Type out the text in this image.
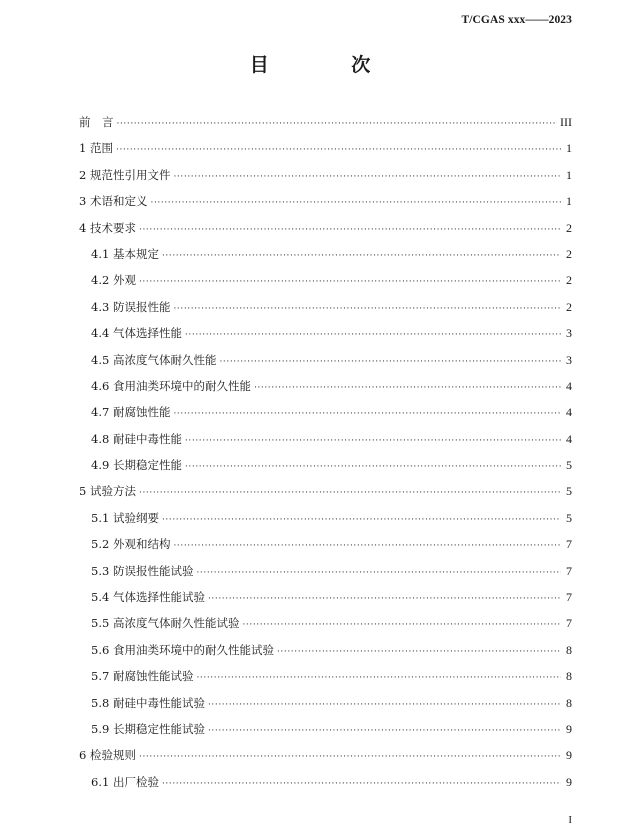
T/CGAS xxx——2023
目 次
前　言 ·····	III
1 范围 ·····	1
2 规范性引用文件 ·····	1
3 术语和定义 ·····	1
4 技术要求 ·····	2
4.1 基本规定 ·····	2
4.2 外观 ·····	2
4.3 防误报性能 ·····	2
4.4 气体选择性能 ·····	3
4.5 高浓度气体耐久性能 ·····	3
4.6 食用油类环境中的耐久性能 ·····	4
4.7 耐腐蚀性能 ·····	4
4.8 耐硅中毒性能 ·····	4
4.9 长期稳定性能 ·····	5
5 试验方法 ·····	5
5.1 试验纲要 ·····	5
5.2 外观和结构 ·····	7
5.3 防误报性能试验 ·····	7
5.4 气体选择性能试验 ·····	7
5.5 高浓度气体耐久性能试验 ·····	7
5.6 食用油类环境中的耐久性能试验 ·····	8
5.7 耐腐蚀性能试验 ·····	8
5.8 耐硅中毒性能试验 ·····	8
5.9 长期稳定性能试验 ·····	9
6 检验规则 ·····	9
6.1 出厂检验 ·····	9
I
